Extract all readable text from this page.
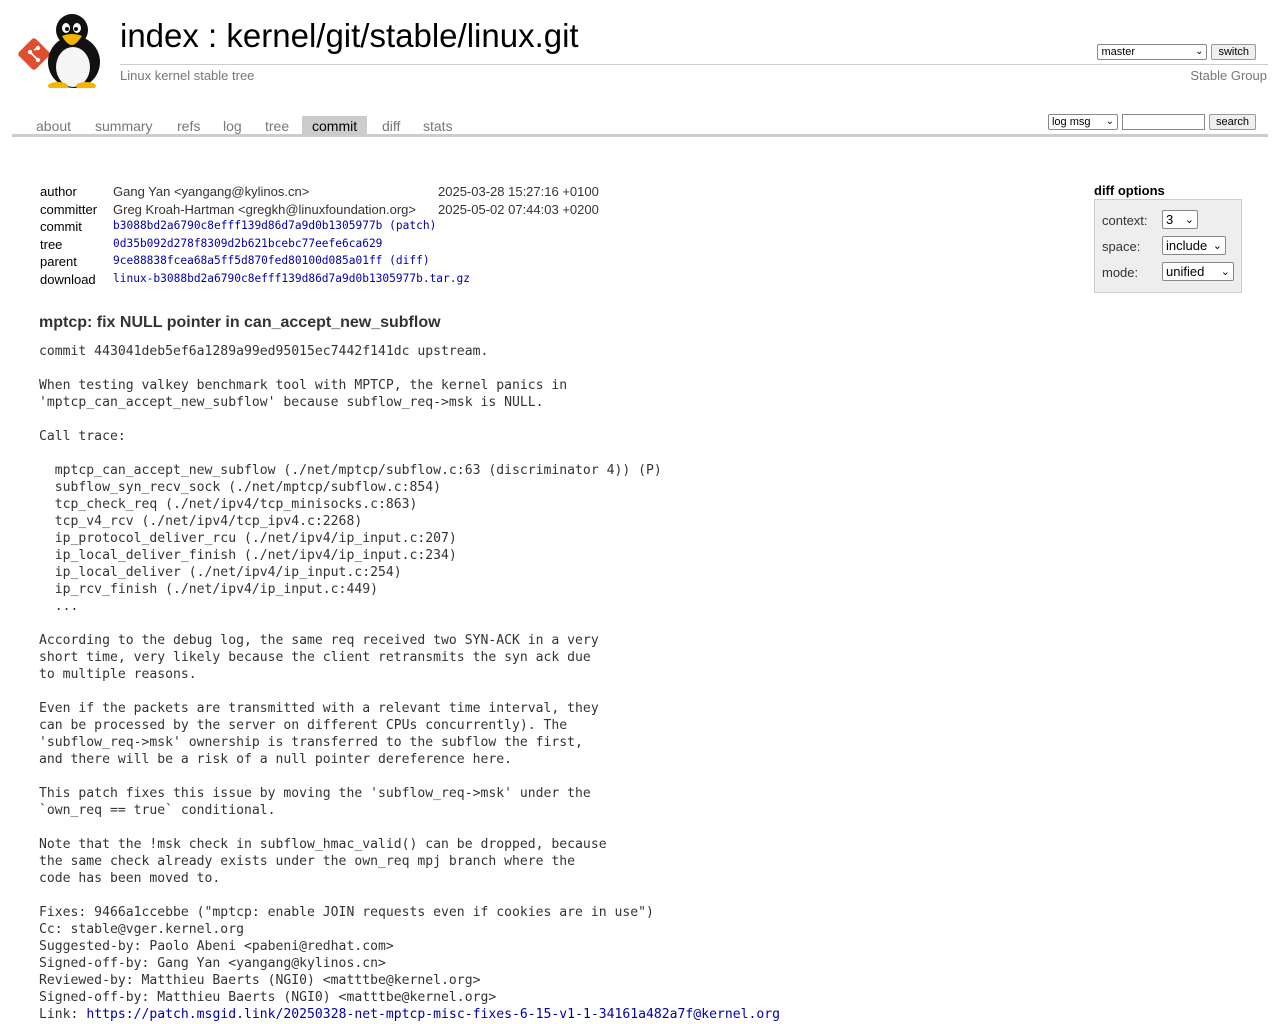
index : kernel/git/stable/linux.git
Linux kernel stable tree
master	⌄	switch
Stable Group
about summary refs log tree	commit	diff stats	log msg ⌄	search
author	Gang Yan <yangang@kylinos.cn>	2025-03-28 15:27:16 +0100
committer Greg Kroah-Hartman <gregkh@linuxfoundation.org> 2025-05-02 07:44:03 +0200
commit	b3088bd2a6790c8efff139d86d7a9d0b1305977b (patch)
tree	0d35b092d278f8309d2b621bcebc77eefe6ca629
parent	9ce88838fcea68a5ff5d870fed80100d085a01ff (diff)
download linux-b3088bd2a6790c8efff139d86d7a9d0b1305977b.tar.gz
diff options
context:	3 ⌄
space:	include ⌄
mode:	unified ⌄
mptcp: fix NULL pointer in can_accept_new_subflow
commit 443041deb5ef6a1289a99ed95015ec7442f141dc upstream.

When testing valkey benchmark tool with MPTCP, the kernel panics in
'mptcp_can_accept_new_subflow' because subflow_req->msk is NULL.

Call trace:

mptcp_can_accept_new_subflow (./net/mptcp/subflow.c:63 (discriminator 4)) (P)
subflow_syn_recv_sock (./net/mptcp/subflow.c:854)
tcp_check_req (./net/ipv4/tcp_minisocks.c:863)
tcp_v4_rcv (./net/ipv4/tcp_ipv4.c:2268)
ip_protocol_deliver_rcu (./net/ipv4/ip_input.c:207)
ip_local_deliver_finish (./net/ipv4/ip_input.c:234)
ip_local_deliver (./net/ipv4/ip_input.c:254)
ip_rcv_finish (./net/ipv4/ip_input.c:449)
...

According to the debug log, the same req received two SYN-ACK in a very
short time, very likely because the client retransmits the syn ack due
to multiple reasons.

Even if the packets are transmitted with a relevant time interval, they
can be processed by the server on different CPUs concurrently). The
'subflow_req->msk' ownership is transferred to the subflow the first,
and there will be a risk of a null pointer dereference here.

This patch fixes this issue by moving the 'subflow_req->msk' under the
`own_req == true` conditional.

Note that the !msk check in subflow_hmac_valid() can be dropped, because
the same check already exists under the own_req mpj branch where the
code has been moved to.

Fixes: 9466a1ccebbe ("mptcp: enable JOIN requests even if cookies are in use")
Cc: stable@vger.kernel.org
Suggested-by: Paolo Abeni <pabeni@redhat.com>
Signed-off-by: Gang Yan <yangang@kylinos.cn>
Reviewed-by: Matthieu Baerts (NGI0) <matttbe@kernel.org>
Signed-off-by: Matthieu Baerts (NGI0) <matttbe@kernel.org>
Link: https://patch.msgid.link/20250328-net-mptcp-misc-fixes-6-15-v1-1-34161a482a7f@kernel.org
